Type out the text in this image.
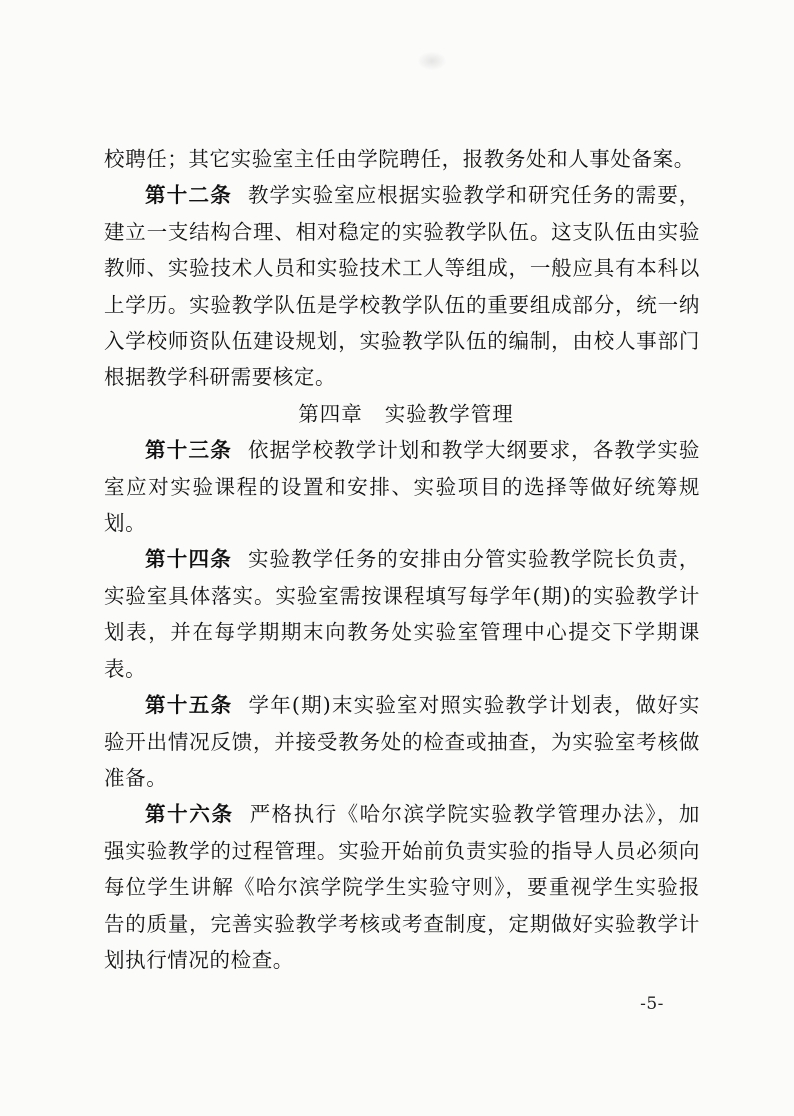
校聘任；其它实验室主任由学院聘任，报教务处和人事处备案。

第十二条 教学实验室应根据实验教学和研究任务的需要，建立一支结构合理、相对稳定的实验教学队伍。这支队伍由实验教师、实验技术人员和实验技术工人等组成，一般应具有本科以上学历。实验教学队伍是学校教学队伍的重要组成部分，统一纳入学校师资队伍建设规划，实验教学队伍的编制，由校人事部门根据教学科研需要核定。

第四章 实验教学管理

第十三条 依据学校教学计划和教学大纲要求，各教学实验室应对实验课程的设置和安排、实验项目的选择等做好统筹规划。

第十四条 实验教学任务的安排由分管实验教学院长负责，实验室具体落实。实验室需按课程填写每学年(期)的实验教学计划表，并在每学期期末向教务处实验室管理中心提交下学期课表。

第十五条 学年(期)末实验室对照实验教学计划表，做好实验开出情况反馈，并接受教务处的检查或抽查，为实验室考核做准备。

第十六条 严格执行《哈尔滨学院实验教学管理办法》，加强实验教学的过程管理。实验开始前负责实验的指导人员必须向每位学生讲解《哈尔滨学院学生实验守则》，要重视学生实验报告的质量，完善实验教学考核或考查制度，定期做好实验教学计划执行情况的检查。

-5-
